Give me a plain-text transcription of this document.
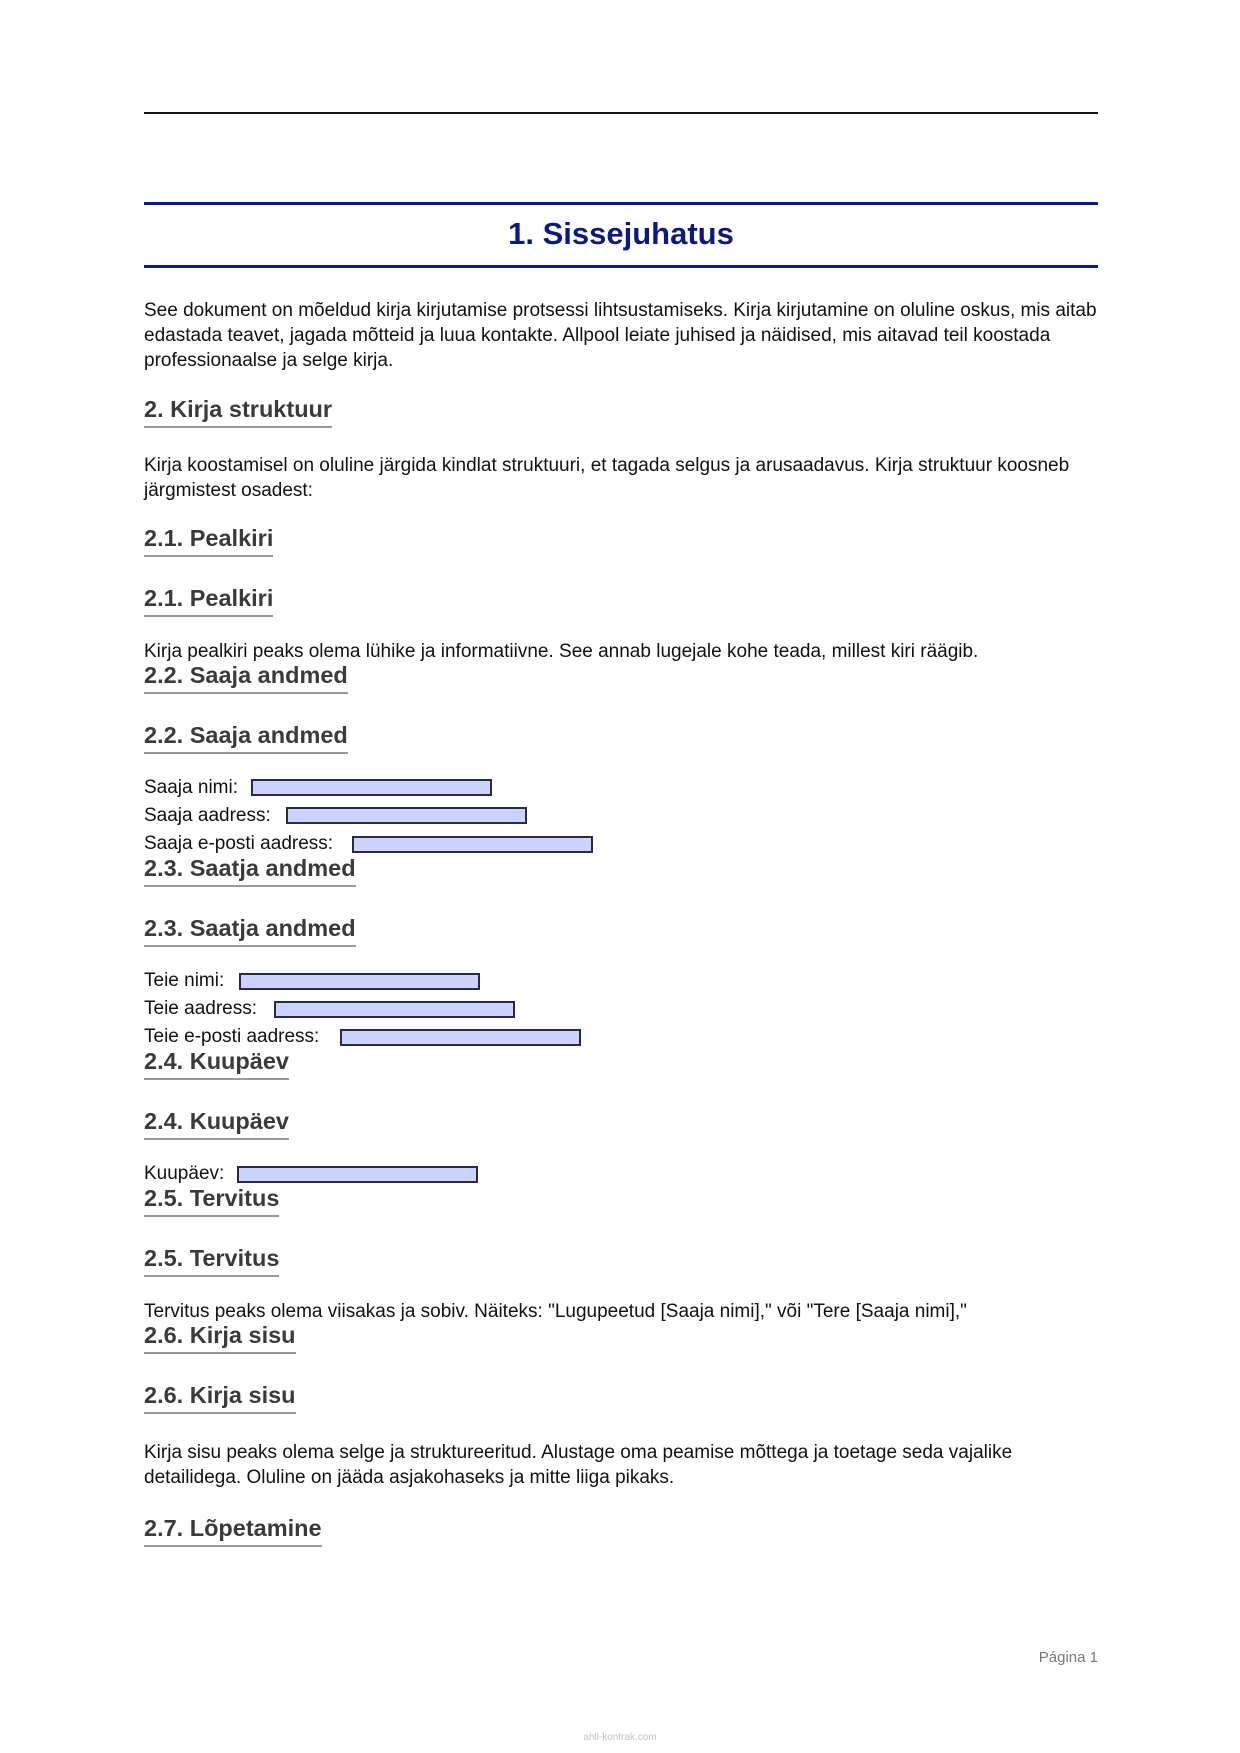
1. Sissejuhatus

See dokument on mõeldud kirja kirjutamise protsessi lihtsustamiseks. Kirja kirjutamine on oluline oskus, mis aitab edastada teavet, jagada mõtteid ja luua kontakte. Allpool leiate juhised ja näidised, mis aitavad teil koostada professionaalse ja selge kirja.

2. Kirja struktuur

Kirja koostamisel on oluline järgida kindlat struktuuri, et tagada selgus ja arusaadavus. Kirja struktuur koosneb järgmistest osadest:

2.1. Pealkiri
2.1. Pealkiri

Kirja pealkiri peaks olema lühike ja informatiivne. See annab lugejale kohe teada, millest kiri räägib.

2.2. Saaja andmed
2.2. Saaja andmed
Saaja nimi:
Saaja aadress:
Saaja e-posti aadress:
2.3. Saatja andmed
2.3. Saatja andmed
Teie nimi:
Teie aadress:
Teie e-posti aadress:
2.4. Kuupäev
2.4. Kuupäev
Kuupäev:
2.5. Tervitus
2.5. Tervitus

Tervitus peaks olema viisakas ja sobiv. Näiteks: "Lugupeetud [Saaja nimi]," või "Tere [Saaja nimi],"

2.6. Kirja sisu
2.6. Kirja sisu

Kirja sisu peaks olema selge ja struktureeritud. Alustage oma peamise mõttega ja toetage seda vajalike detailidega. Oluline on jääda asjakohaseks ja mitte liiga pikaks.

2.7. Lõpetamine
Página 1
ahli-kontrak.com
